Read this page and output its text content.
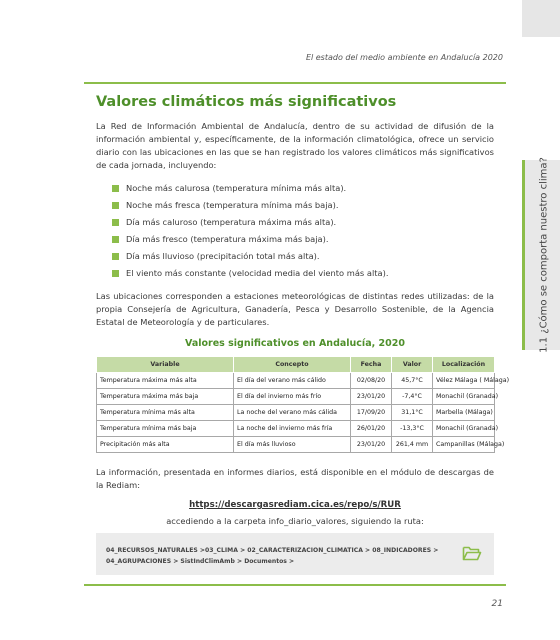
1.1 ¿Cómo se comporta nuestro clima?
El estado del medio ambiente en Andalucía 2020
Valores climáticos más significativos
La Red de Información Ambiental de Andalucía, dentro de su actividad de difusión de la información ambiental y, específicamente, de la información climatológica, ofrece un servicio diario con las ubicaciones en las que se han registrado los valores climáticos más significativos de cada jornada, incluyendo:
Noche más calurosa (temperatura mínima más alta).
Noche más fresca (temperatura mínima más baja).
Día más caluroso (temperatura máxima más alta).
Día más fresco (temperatura máxima más baja).
Día más lluvioso (precipitación total más alta).
El viento más constante (velocidad media del viento más alta).
Las ubicaciones corresponden a estaciones meteorológicas de distintas redes utilizadas: de la propia Consejería de Agricultura, Ganadería, Pesca y Desarrollo Sostenible, de la Agencia Estatal de Meteorología y de particulares.
Valores significativos en Andalucía, 2020
Variable	Concepto	Fecha	Valor	Localización
Temperatura máxima más alta	El día del verano más cálido	02/08/20	45,7°C	Vélez Málaga ( Málaga)
Temperatura máxima más baja	El día del invierno más frío	23/01/20	-7,4°C	Monachil (Granada)
Temperatura mínima más alta	La noche del verano más cálida	17/09/20	31,1°C	Marbella (Málaga)
Temperatura mínima más baja	La noche del invierno más fría	26/01/20	-13,3°C	Monachil (Granada)
Precipitación más alta	El día más lluvioso	23/01/20	261,4 mm	Campanillas (Málaga)
La información, presentada en informes diarios, está disponible en el módulo de descargas de la Rediam:
https://descargasrediam.cica.es/repo/s/RUR
accediendo a la carpeta info_diario_valores, siguiendo la ruta:
04_RECURSOS_NATURALES >03_CLIMA > 02_CARACTERIZACION_CLIMATICA > 08_INDICADORES >
04_AGRUPACIONES > SistIndClimAmb > Documentos >
21
